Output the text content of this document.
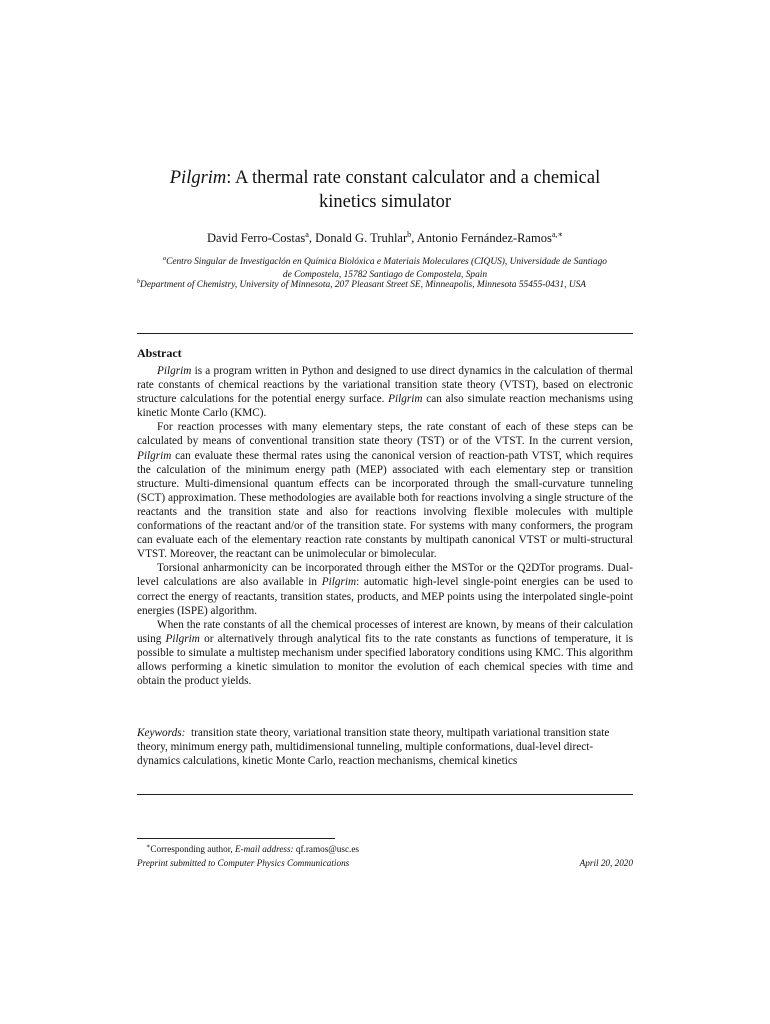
Pilgrim: A thermal rate constant calculator and a chemical
kinetics simulator
David Ferro-Costas$^a$, Donald G. Truhlar$^b$, Antonio Fernández-Ramos$^{a,∗}$
$^a$Centro Singular de Investigaclón en Química Biolóxica e Materiais Moleculares (CIQUS), Universidade de Santiago
de Compostela, 15782 Santiago de Compostela, Spain
$^b$Department of Chemistry, University of Minnesota, 207 Pleasant Street SE, Minneapolis, Minnesota 55455-0431, USA
Abstract

Pilgrim is a program written in Python and designed to use direct dynamics in the calculation of thermal rate constants of chemical reactions by the variational transition state theory (VTST), based on electronic structure calculations for the potential energy surface. Pilgrim can also simulate reaction mechanisms using kinetic Monte Carlo (KMC).

For reaction processes with many elementary steps, the rate constant of each of these steps can be calculated by means of conventional transition state theory (TST) or of the VTST. In the current version, Pilgrim can evaluate these thermal rates using the canonical version of reaction-path VTST, which requires the calculation of the minimum energy path (MEP) associated with each elementary step or transition structure. Multi-dimensional quantum effects can be incorporated through the small-curvature tunneling (SCT) approximation. These methodologies are available both for reactions involving a single structure of the reactants and the transition state and also for reactions involving flexible molecules with multiple conformations of the reactant and/or of the transition state. For systems with many conformers, the program can evaluate each of the elementary reaction rate constants by multipath canonical VTST or multi-structural VTST. Moreover, the reactant can be unimolecular or bimolecular.

Torsional anharmonicity can be incorporated through either the MSTor or the Q2DTor programs. Dual-level calculations are also available in Pilgrim: automatic high-level single-point energies can be used to correct the energy of reactants, transition states, products, and MEP points using the interpolated single-point energies (ISPE) algorithm.

When the rate constants of all the chemical processes of interest are known, by means of their calculation using Pilgrim or alternatively through analytical fits to the rate constants as functions of temperature, it is possible to simulate a multistep mechanism under specified laboratory conditions using KMC. This algorithm allows performing a kinetic simulation to monitor the evolution of each chemical species with time and obtain the product yields.

Keywords: transition state theory, variational transition state theory, multipath variational transition state theory, minimum energy path, multidimensional tunneling, multiple conformations, dual-level direct-dynamics calculations, kinetic Monte Carlo, reaction mechanisms, chemical kinetics
∗Corresponding author, E-mail address: qf.ramos@usc.es
Preprint submitted to Computer Physics Communications	April 20, 2020
